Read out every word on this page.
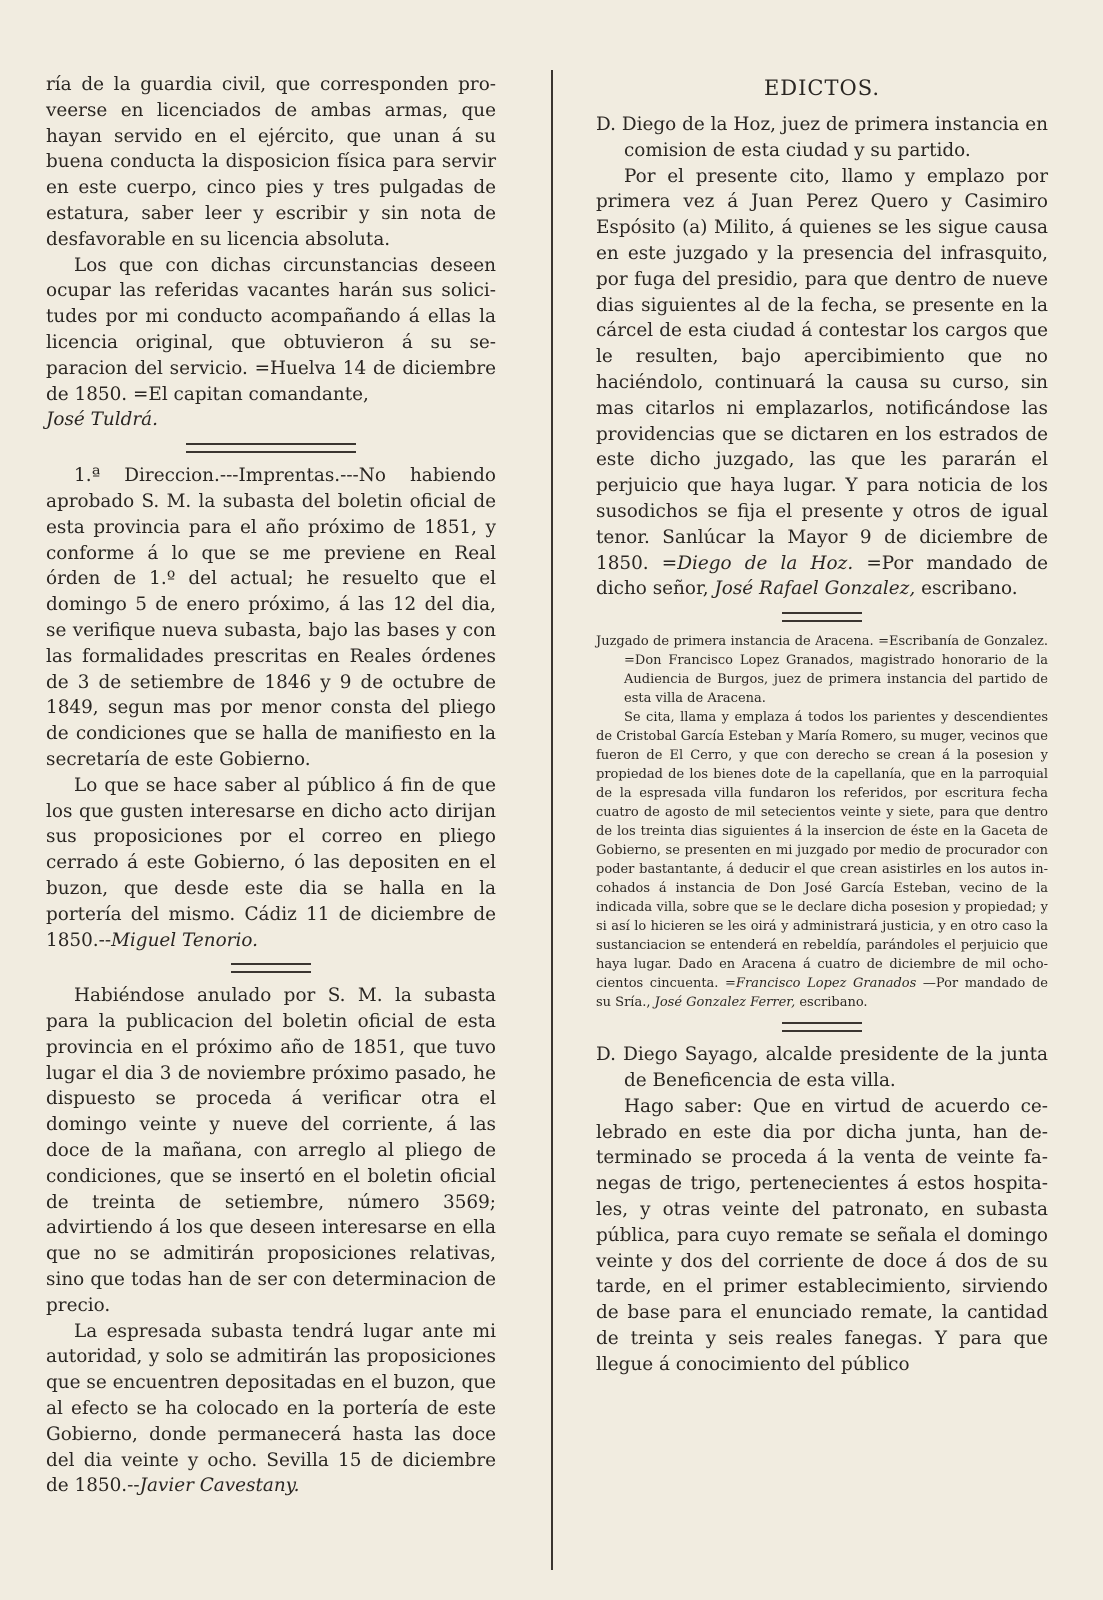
ría de la guardia civil, que corresponden proveerse en licenciados de ambas armas, que hayan servido en el ejército, que unan á su buena conducta la disposicion física para servir en este cuerpo, cinco pies y tres pulgadas de estatura, saber leer y escribir y sin nota de desfavorable en su licencia absoluta.

Los que con dichas circunstancias deseen ocupar las referidas vacantes harán sus solicitudes por mi conducto acompañando á ellas la licencia original, que obtuvieron á su separacion del servicio. =Huelva 14 de diciembre de 1850. =El capitan comandante,
José Tuldrá.

1.ª Direccion.---Imprentas.---No habiendo aprobado S. M. la subasta del boletin oficial de esta provincia para el año próximo de 1851, y conforme á lo que se me previene en Real órden de 1.º del actual; he resuelto que el domingo 5 de enero próximo, á las 12 del dia, se verifique nueva subasta, bajo las bases y con las formalidades prescritas en Reales órdenes de 3 de setiembre de 1846 y 9 de octubre de 1849, segun mas por menor consta del pliego de condiciones que se halla de manifiesto en la secretaría de este Gobierno.

Lo que se hace saber al público á fin de que los que gusten interesarse en dicho acto dirijan sus proposiciones por el correo en pliego cerrado á este Gobierno, ó las depositen en el buzon, que desde este dia se halla en la portería del mismo. Cádiz 11 de diciembre de 1850.--Miguel Tenorio.

Habiéndose anulado por S. M. la subasta para la publicacion del boletin oficial de esta provincia en el próximo año de 1851, que tuvo lugar el dia 3 de noviembre próximo pasado, he dispuesto se proceda á verificar otra el domingo veinte y nueve del corriente, á las doce de la mañana, con arreglo al pliego de condiciones, que se insertó en el boletin oficial de treinta de setiembre, número 3569; advirtiendo á los que deseen interesarse en ella que no se admitirán proposiciones relativas, sino que todas han de ser con determinacion de precio.

La espresada subasta tendrá lugar ante mi autoridad, y solo se admitirán las proposiciones que se encuentren depositadas en el buzon, que al efecto se ha colocado en la portería de este Gobierno, donde permanecerá hasta las doce del dia veinte y ocho. Sevilla 15 de diciembre de 1850.--Javier Cavestany.

EDICTOS.

D. Diego de la Hoz, juez de primera instancia en comision de esta ciudad y su partido.

Por el presente cito, llamo y emplazo por primera vez á Juan Perez Quero y Casimiro Espósito (a) Milito, á quienes se les sigue causa en este juzgado y la presencia del infrasquito, por fuga del presidio, para que dentro de nueve dias siguientes al de la fecha, se presente en la cárcel de esta ciudad á contestar los cargos que le resulten, bajo apercibimiento que no haciéndolo, continuará la causa su curso, sin mas citarlos ni emplazarlos, notificándose las providencias que se dictaren en los estrados de este dicho juzgado, las que les pararán el perjuicio que haya lugar. Y para noticia de los susodichos se fija el presente y otros de igual tenor. Sanlúcar la Mayor 9 de diciembre de 1850. =Diego de la Hoz. =Por mandado de dicho señor, José Rafael Gonzalez, escribano.

Juzgado de primera instancia de Aracena. =Escribanía de Gonzalez. =Don Francisco Lopez Granados, magistrado honorario de la Audiencia de Burgos, juez de primera instancia del partido de esta villa de Aracena.

Se cita, llama y emplaza á todos los parientes y descendientes de Cristobal García Esteban y María Romero, su muger, vecinos que fueron de El Cerro, y que con derecho se crean á la posesion y propiedad de los bienes dote de la capellanía, que en la parroquial de la espresada villa fundaron los referidos, por escritura fecha cuatro de agosto de mil setecientos veinte y siete, para que dentro de los treinta dias siguientes á la insercion de éste en la Gaceta de Gobierno, se presenten en mi juzgado por medio de procurador con poder bastantante, á deducir el que crean asistirles en los autos incohados á instancia de Don José García Esteban, vecino de la indicada villa, sobre que se le declare dicha posesion y propiedad; y si así lo hicieren se les oirá y administrará justicia, y en otro caso la sustanciacion se entenderá en rebeldía, parándoles el perjuicio que haya lugar. Dado en Aracena á cuatro de diciembre de mil ochocientos cincuenta. =Francisco Lopez Granados —Por mandado de su Sría., José Gonzalez Ferrer, escribano.

D. Diego Sayago, alcalde presidente de la junta de Beneficencia de esta villa.

Hago saber: Que en virtud de acuerdo celebrado en este dia por dicha junta, han determinado se proceda á la venta de veinte fanegas de trigo, pertenecientes á estos hospitales, y otras veinte del patronato, en subasta pública, para cuyo remate se señala el domingo veinte y dos del corriente de doce á dos de su tarde, en el primer establecimiento, sirviendo de base para el enunciado remate, la cantidad de treinta y seis reales fanegas. Y para que llegue á conocimiento del público
